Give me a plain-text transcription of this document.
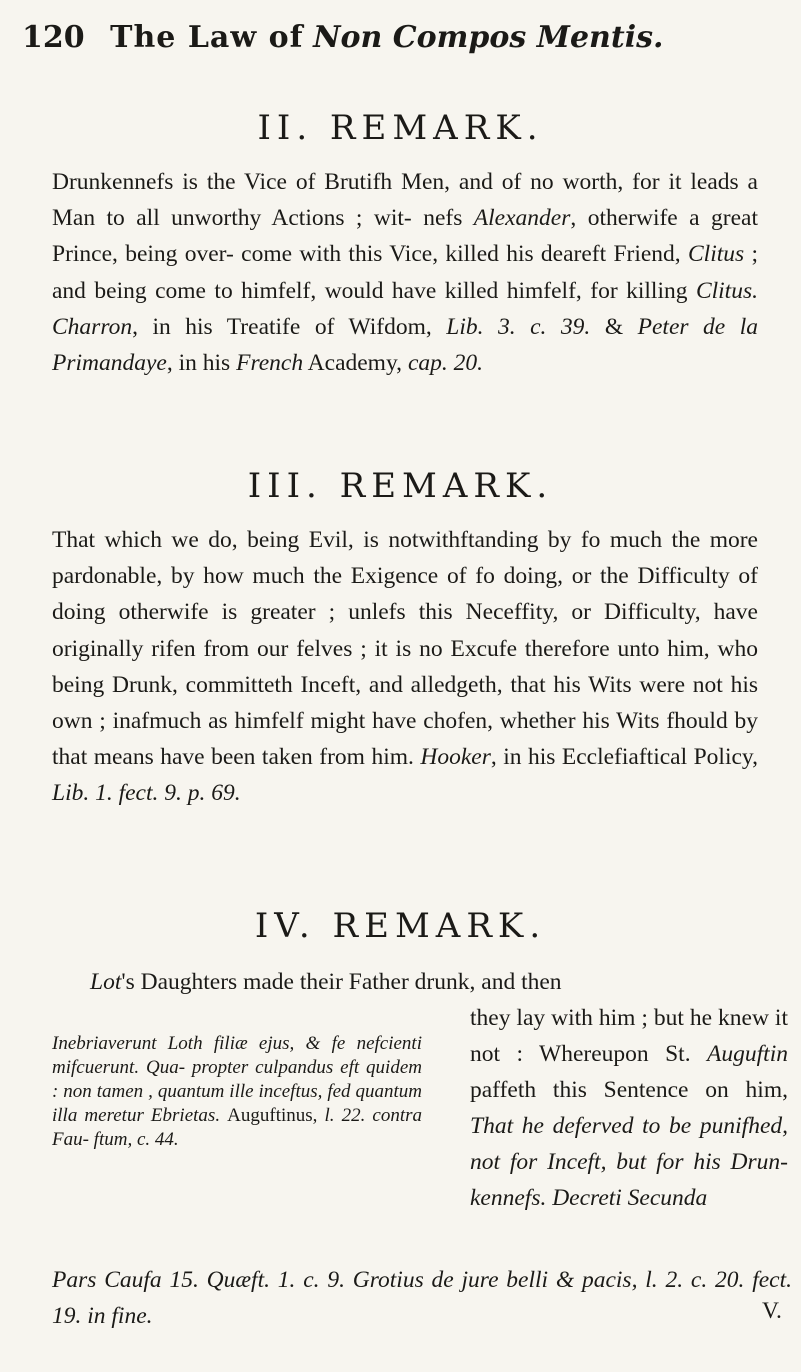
120 The Law of Non Compos Mentis.
II. REMARK.

Drunkennefs is the Vice of Brutifh Men, and of no worth, for it leads a Man to all unworthy Actions ; wit- nefs Alexander, otherwife a great Prince, being over- come with this Vice, killed his deareft Friend, Clitus ; and being come to himfelf, would have killed himfelf, for killing Clitus. Charron, in his Treatife of Wifdom, Lib. 3. c. 39. & Peter de la Primandaye, in his French Academy, cap. 20.

III. REMARK.

That which we do, being Evil, is notwithftanding by fo much the more pardonable, by how much the Exigence of fo doing, or the Difficulty of doing otherwife is greater ; unlefs this Neceffity, or Difficulty, have originally rifen from our felves ; it is no Excufe therefore unto him, who being Drunk, committeth Inceft, and alledgeth, that his Wits were not his own ; inafmuch as himfelf might have chofen, whether his Wits fhould by that means have been taken from him. Hooker, in his Ecclefiaftical Policy, Lib. 1. fect. 9. p. 69.

IV. REMARK.
Lot's Daughters made their Father drunk, and then
Inebriaverunt Loth filiæ ejus, & fe nefcienti mifcuerunt. Qua- propter culpandus eft quidem : non tamen , quantum ille inceftus, fed quantum illa meretur Ebrietas. Auguftinus, l. 22. contra Fau- ftum, c. 44.

they lay with him ; but he knew it not : Whereupon St. Auguftin paffeth this Sentence on him, That he deferved to be punifhed, not for Inceft, but for his Drun- kennefs. Decreti Secunda

Pars Caufa 15. Quæft. 1. c. 9. Grotius de jure belli & pacis, l. 2. c. 20. fect. 19. in fine.	V.
